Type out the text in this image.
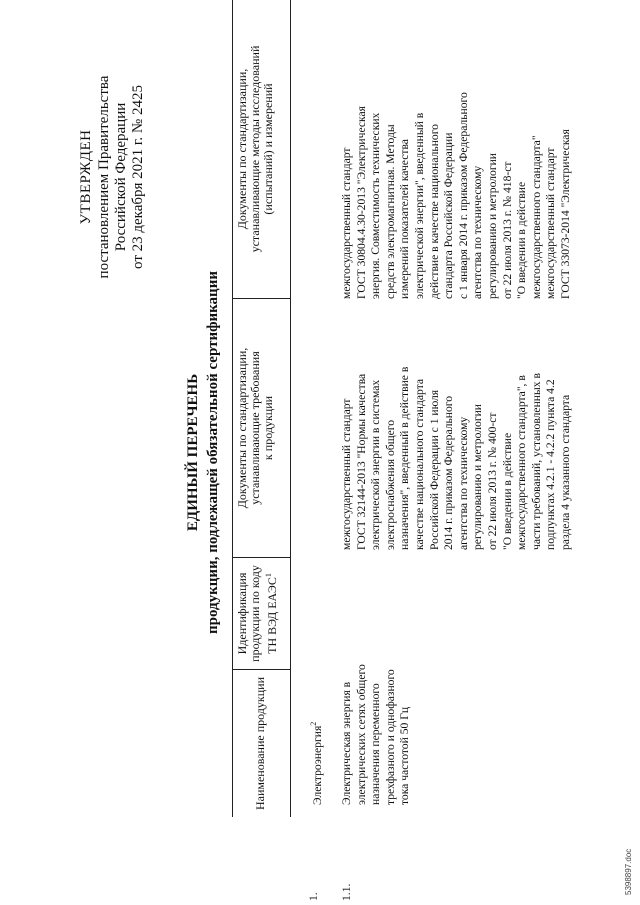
УТВЕРЖДЕН постановлением Правительства Российской Федерации от 23 декабря 2021 г. № 2425
ЕДИНЫЙ ПЕРЕЧЕНЬ продукции, подлежащей обязательной сертификации
Наименование продукции
Идентификация продукции по коду ТН ВЭД ЕАЭС$^1$
Документы по стандартизации, устанавливающие требования к продукции
Документы по стандартизации, устанавливающие методы исследований (испытаний) и измерений
1.
Электроэнергия$^2$
1.1.
Электрическая энергия в электрических сетях общего назначения переменного трехфазного и однофазного тока частотой 50 Гц
межгосударственный стандарт ГОСТ 32144-2013 "Нормы качества электрической энергии в системах электроснабжения общего назначения", введенный в действие в качестве национального стандарта Российской Федерации с 1 июля 2014 г. приказом Федерального агентства по техническому регулированию и метрологии от 22 июля 2013 г. № 400-ст "О введении в действие межгосударственного стандарта", в части требований, установленных в подпунктах 4.2.1 - 4.2.2 пункта 4.2 раздела 4 указанного стандарта
межгосударственный стандарт ГОСТ 30804.4.30-2013 "Электрическая энергия. Совместимость технических средств электромагнитная. Методы измерений показателей качества электрической энергии", введенный в действие в качестве национального стандарта Российской Федерации с 1 января 2014 г. приказом Федерального агентства по техническому регулированию и метрологии от 22 июля 2013 г. № 418-ст "О введении в действие межгосударственного стандарта" межгосударственный стандарт ГОСТ 33073-2014 "Электрическая
5398897.doc
